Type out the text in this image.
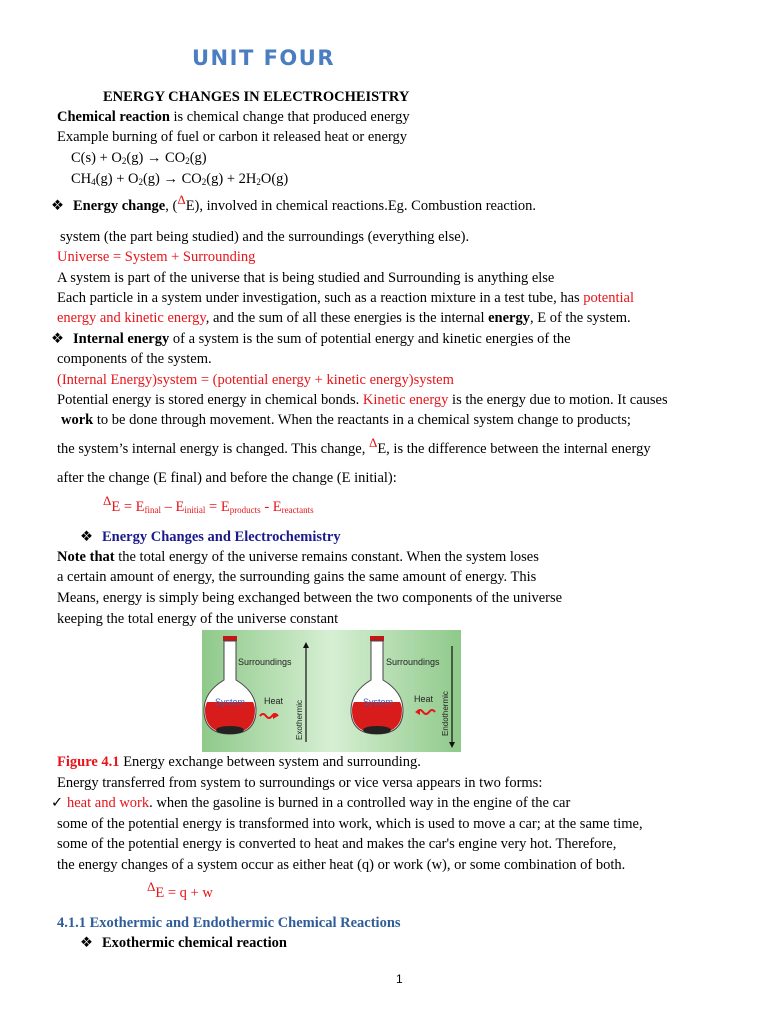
UNIT FOUR
ENERGY CHANGES IN ELECTROCHEISTRY
Chemical reaction is chemical change that produced energy
Example burning of fuel or carbon it released heat or energy
$C(s) + O_2(g) \to CO_2(g)$
$CH_4(g) + O_2(g) \to CO_2(g) + 2H_2O(g)$
❖ Energy change, (ΔE), involved in chemical reactions.Eg. Combustion reaction.
system (the part being studied) and the surroundings (everything else).
Universe = System + Surrounding
A system is part of the universe that is being studied and Surrounding is anything else
Each particle in a system under investigation, such as a reaction mixture in a test tube, has potential
energy and kinetic energy, and the sum of all these energies is the internal energy, E of the system.
❖ Internal energy of a system is the sum of potential energy and kinetic energies of the
components of the system.
(Internal Energy)system = (potential energy + kinetic energy)system
Potential energy is stored energy in chemical bonds. Kinetic energy is the energy due to motion. It causes
work to be done through movement. When the reactants in a chemical system change to products;
the system’s internal energy is changed. This change, ΔE, is the difference between the internal energy
after the change (E final) and before the change (E initial):
$\Delta E = E_{final} - E_{initial} = E_{products} - E_{reactants}$
❖ Energy Changes and Electrochemistry
Note that the total energy of the universe remains constant. When the system loses
a certain amount of energy, the surrounding gains the same amount of energy. This
Means, energy is simply being exchanged between the two components of the universe
keeping the total energy of the universe constant
Surroundings
System Heat Exothermic
Surroundings
System Heat Endothermic
Figure 4.1 Energy exchange between system and surrounding.
Energy transferred from system to surroundings or vice versa appears in two forms:
✓ heat and work. when the gasoline is burned in a controlled way in the engine of the car
some of the potential energy is transformed into work, which is used to move a car; at the same time,
some of the potential energy is converted to heat and makes the car's engine very hot. Therefore,
the energy changes of a system occur as either heat (q) or work (w), or some combination of both.
ΔE = q + w
4.1.1 Exothermic and Endothermic Chemical Reactions
❖ Exothermic chemical reaction
1
